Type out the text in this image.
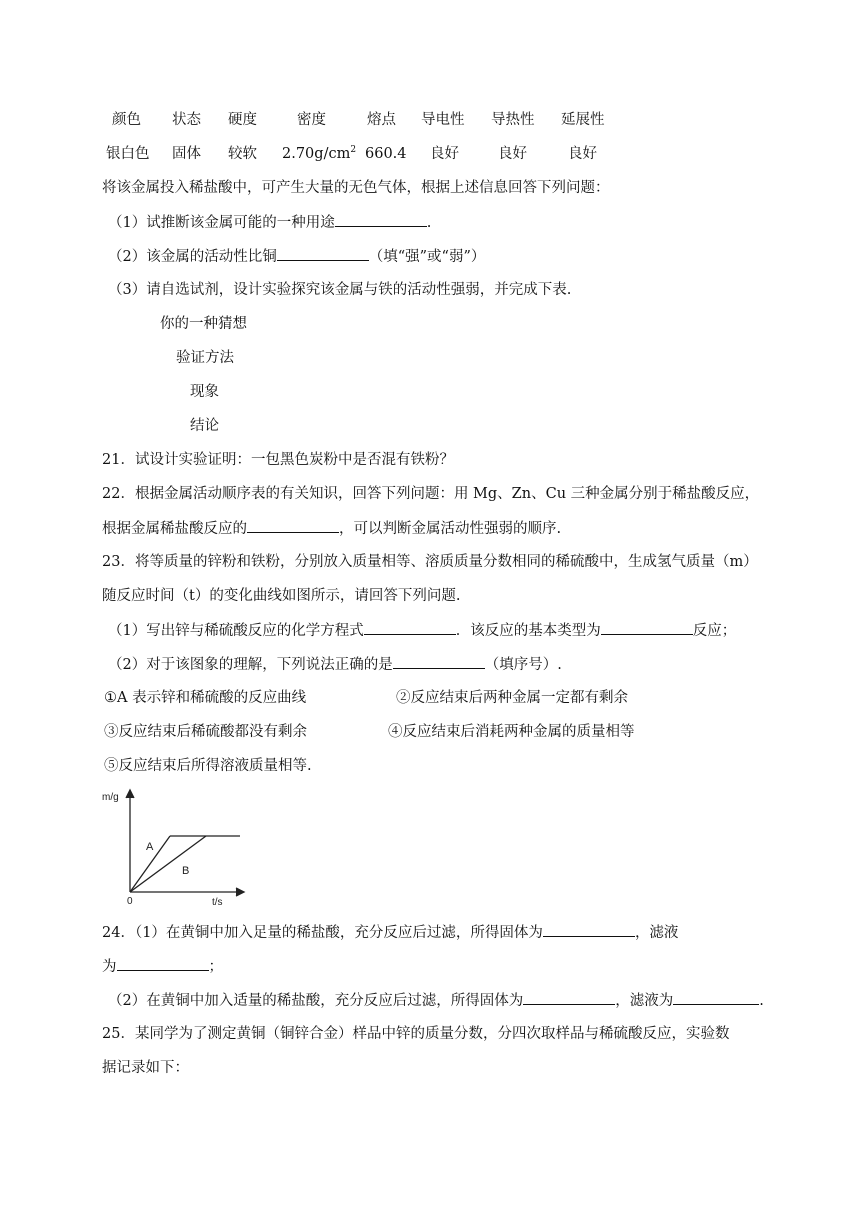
颜色 状态 硬度	密度	熔点 导电性 导热性 延展性
银白色 固体 较软 $2.70g/cm^2$ 660.4 良好	良好	良好
将该金属投入稀盐酸中，可产生大量的无色气体，根据上述信息回答下列问题：
（1）试推断该金属可能的一种用途	.
（2）该金属的活动性比铜	（填“强”或“弱”）
（3）请自选试剂，设计实验探究该金属与铁的活动性强弱，并完成下表.
你的一种猜想
验证方法
现象
结论
21．试设计实验证明：一包黑色炭粉中是否混有铁粉？
22．根据金属活动顺序表的有关知识，回答下列问题：用 Mg、Zn、Cu 三种金属分别于稀盐酸反应，
根据金属稀盐酸反应的	，可以判断金属活动性强弱的顺序.
23．将等质量的锌粉和铁粉，分别放入质量相等、溶质质量分数相同的稀硫酸中，生成氢气质量（m）
随反应时间（t）的变化曲线如图所示，请回答下列问题.
（1）写出锌与稀硫酸反应的化学方程式	．该反应的基本类型为	反应；
（2）对于该图象的理解，下列说法正确的是	（填序号）.
①A 表示锌和稀硫酸的反应曲线	②反应结束后两种金属一定都有剩余
③反应结束后稀硫酸都没有剩余	④反应结束后消耗两种金属的质量相等
⑤反应结束后所得溶液质量相等.
m/g
t/s
0
A
B
24．（1）在黄铜中加入足量的稀盐酸，充分反应后过滤，所得固体为	，滤液
为	；
（2）在黄铜中加入适量的稀盐酸，充分反应后过滤，所得固体为	，滤液为	.
25．某同学为了测定黄铜（铜锌合金）样品中锌的质量分数，分四次取样品与稀硫酸反应，实验数
据记录如下：
